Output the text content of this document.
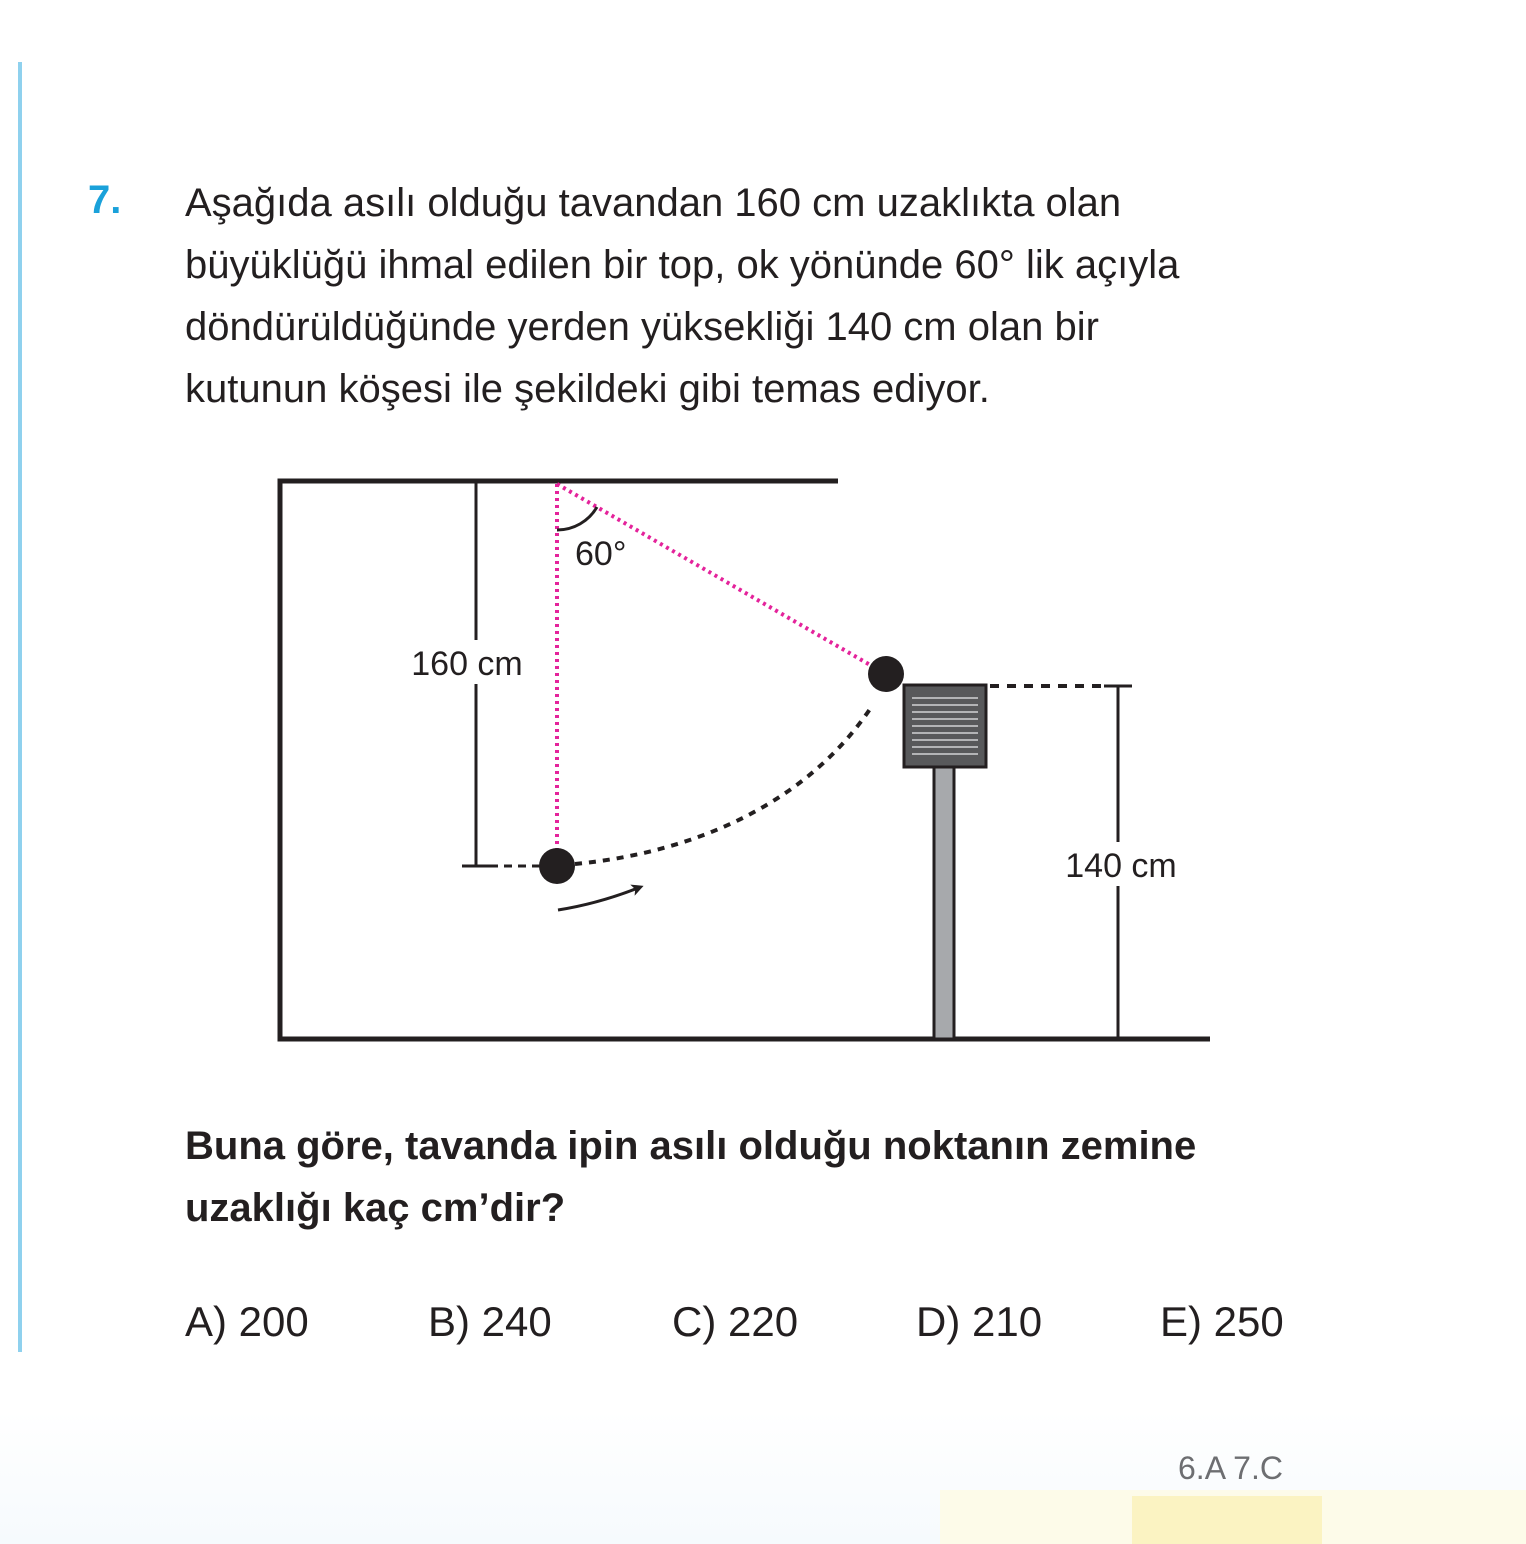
7. Aşağıda asılı olduğu tavandan 160 cm uzaklıkta olan
büyüklüğü ihmal edilen bir top, ok yönünde 60° lik açıyla
döndürüldüğünde yerden yüksekliği 140 cm olan bir
kutunun köşesi ile şekildeki gibi temas ediyor.
160 cm
60°
140 cm
Buna göre, tavanda ipin asılı olduğu noktanın zemine
uzaklığı kaç cm’dir?
A) 200	B) 240	C) 220	D) 210	E) 250
6.A 7.C
